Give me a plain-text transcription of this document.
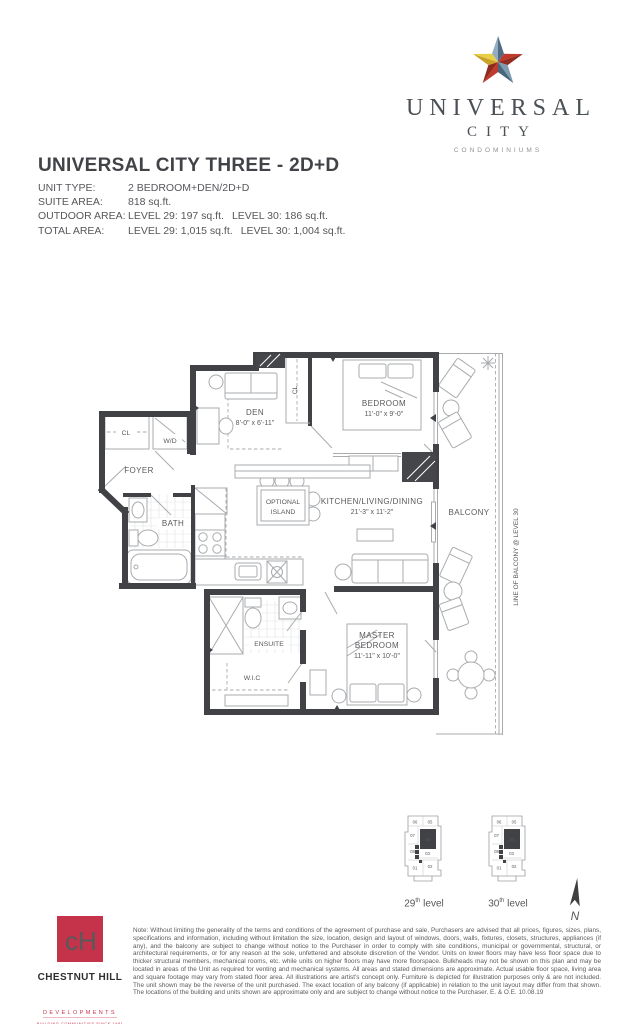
UNIVERSAL
CITY
CONDOMINIUMS
UNIVERSAL CITY THREE - 2D+D
UNIT TYPE:	2 BEDROOM+DEN/2D+D
SUITE AREA: 818 sq.ft.
OUTDOOR AREA: LEVEL 29: 197 sq.ft. LEVEL 30: 186 sq.ft.
TOTAL AREA: LEVEL 29: 1,015 sq.ft. LEVEL 30: 1,004 sq.ft.
CL
W/D
FOYER
DEN
8'-0" x 6'-11"
CL
BEDROOM
11'-0" x 9'-0"
KITCHEN/LIVING/DINING
21'-3" x 11'-2"
OPTIONAL
ISLAND
BATH
ENSUITE
W.I.C
MASTER
BEDROOM
11'-11" x 10'-0"
BALCONY	LINE OF BALCONY @ LEVEL 30
06 05
07
04
08 03
01 02
06 05
07
04
08 03
01 02
29th level	30th level
N
cH
CHESTNUT HILL

DEVELOPMENTS
BUILDING COMMUNITIES SINCE 1981
Note: Without limiting the generality of the terms and conditions of the agreement of purchase and sale, Purchasers are advised that all prices, figures, sizes, plans, specifications and information, including without limitation the size, location, design and layout of windows, doors, walls, fixtures, closets, structures, appliances (if any), and the balcony are subject to change without notice to the Purchaser in order to comply with site conditions, municipal or governmental, structural, or architectural requirements, or for any reason at the sole, unfettered and absolute discretion of the Vendor. Units on lower floors may have less floor space due to thicker structural members, mechanical rooms, etc. while units on higher floors may have more floorspace. Bulkheads may not be shown on this plan and may be located in areas of the Unit as required for venting and mechanical systems. All areas and stated dimensions are approximate. Actual usable floor space, living area and square footage may vary from stated floor area. All illustrations are artist's concept only. Furniture is depicted for illustration purposes only & are not included. The unit shown may be the reverse of the unit purchased. The exact location of any balcony (if applicable) in relation to the unit layout may differ from that shown. The locations of the building and units shown are approximate only and are subject to change without notice to the Purchaser. E. & O.E. 10.08.19
